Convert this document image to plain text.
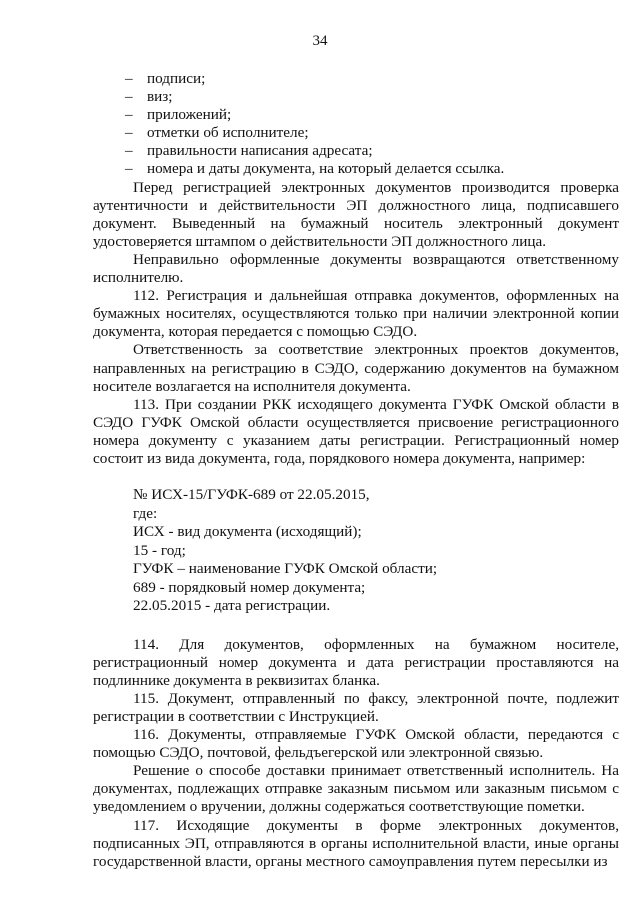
34
– подписи;
– виз;
– приложений;
– отметки об исполнителе;
– правильности написания адресата;
– номера и даты документа, на который делается ссылка.

Перед регистрацией электронных документов производится проверка аутентичности и действительности ЭП должностного лица, подписавшего документ. Выведенный на бумажный носитель электронный документ удостоверяется штампом о действительности ЭП должностного лица.

Неправильно оформленные документы возвращаются ответственному исполнителю.

112. Регистрация и дальнейшая отправка документов, оформленных на бумажных носителях, осуществляются только при наличии электронной копии документа, которая передается с помощью СЭДО.

Ответственность за соответствие электронных проектов документов, направленных на регистрацию в СЭДО, содержанию документов на бумажном носителе возлагается на исполнителя документа.

113. При создании РКК исходящего документа ГУФК Омской области в СЭДО ГУФК Омской области осуществляется присвоение регистрационного номера документу с указанием даты регистрации. Регистрационный номер состоит из вида документа, года, порядкового номера документа, например:

№ ИСХ-15/ГУФК-689 от 22.05.2015,
где:
ИСХ - вид документа (исходящий);
15 - год;
ГУФК – наименование ГУФК Омской области;
689 - порядковый номер документа;
22.05.2015 - дата регистрации.

114. Для документов, оформленных на бумажном носителе, регистрационный номер документа и дата регистрации проставляются на подлиннике документа в реквизитах бланка.

115. Документ, отправленный по факсу, электронной почте, подлежит регистрации в соответствии с Инструкцией.

116. Документы, отправляемые ГУФК Омской области, передаются с помощью СЭДО, почтовой, фельдъегерской или электронной связью.

Решение о способе доставки принимает ответственный исполнитель. На документах, подлежащих отправке заказным письмом или заказным письмом с уведомлением о вручении, должны содержаться соответствующие пометки.

117. Исходящие документы в форме электронных документов, подписанных ЭП, отправляются в органы исполнительной власти, иные органы государственной власти, органы местного самоуправления путем пересылки из
